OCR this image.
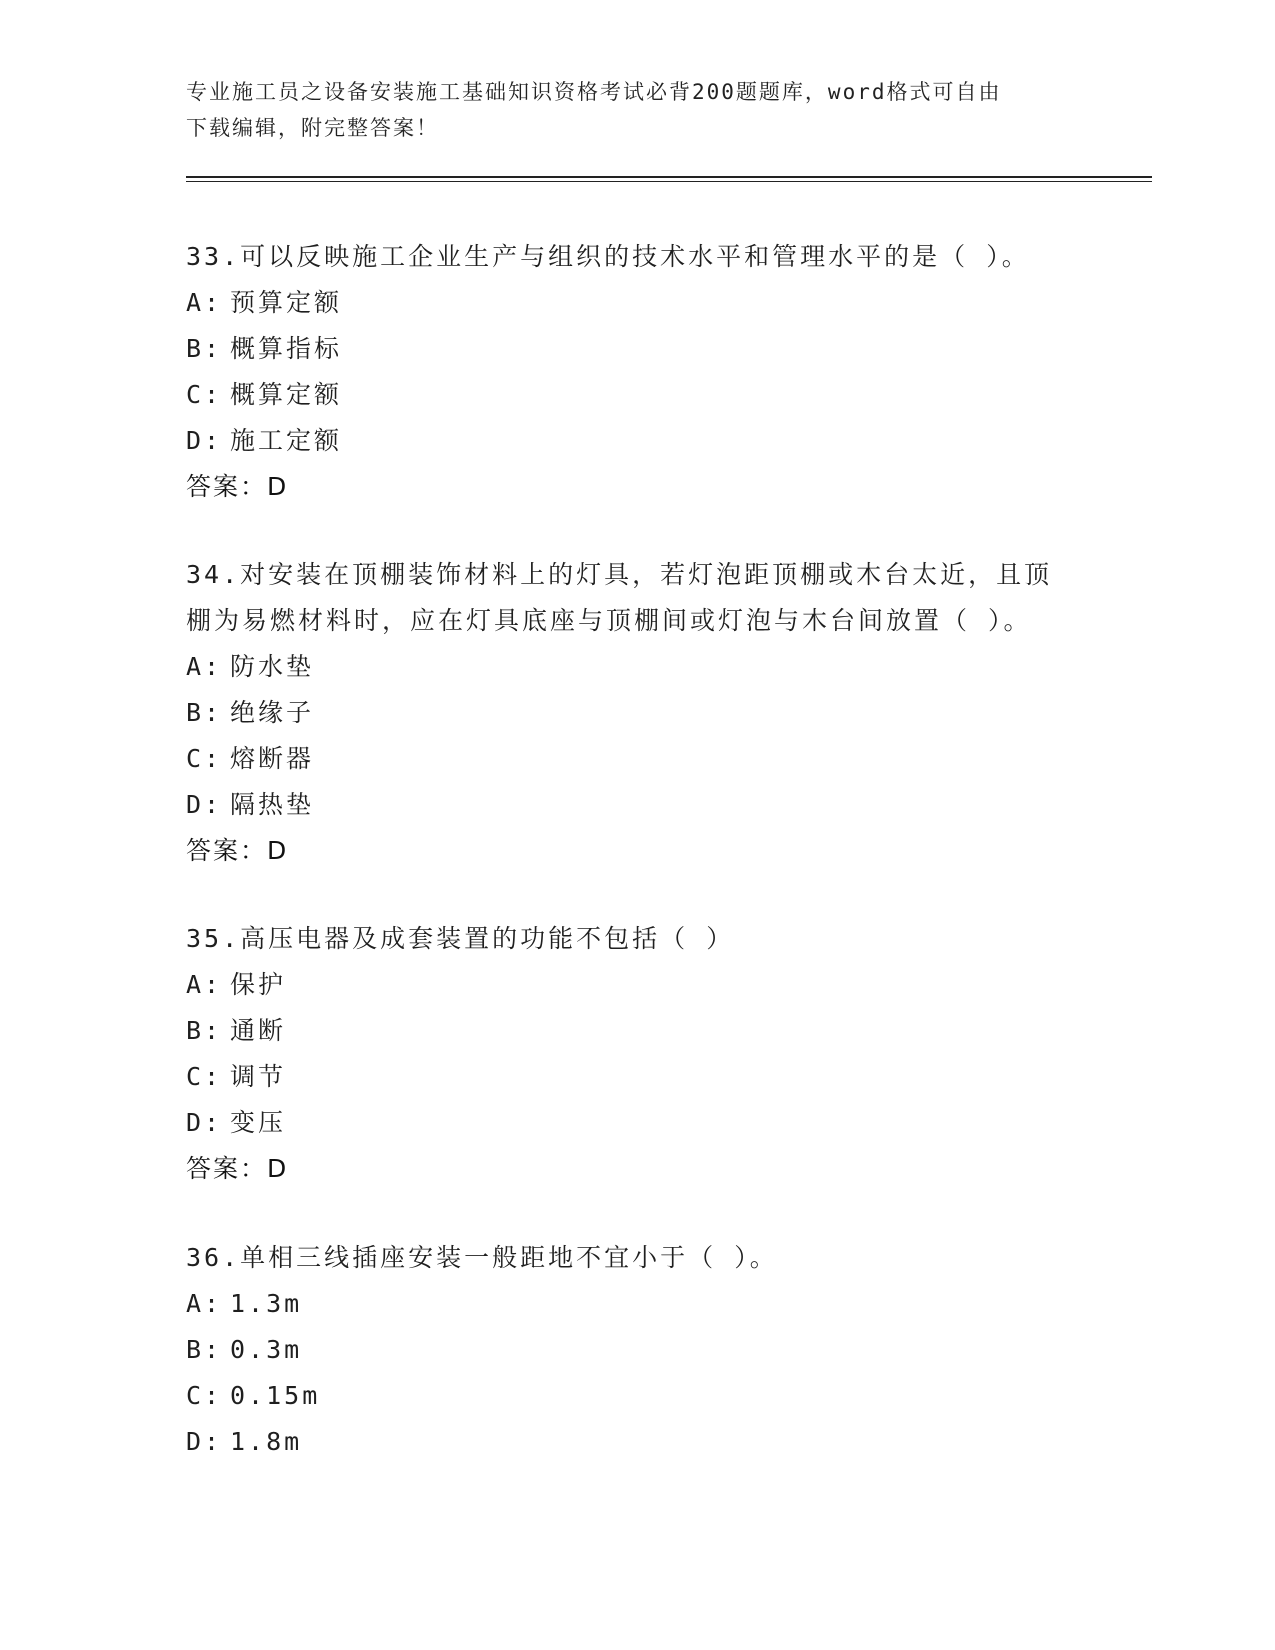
专业施工员之设备安装施工基础知识资格考试必背200题题库，word格式可自由
下载编辑，附完整答案！
33.可以反映施工企业生产与组织的技术水平和管理水平的是（ ）。
A: 预算定额
B: 概算指标
C: 概算定额
D: 施工定额
答案：D
34.对安装在顶棚装饰材料上的灯具，若灯泡距顶棚或木台太近，且顶
棚为易燃材料时，应在灯具底座与顶棚间或灯泡与木台间放置（ ）。
A: 防水垫
B: 绝缘子
C: 熔断器
D: 隔热垫
答案：D
35.高压电器及成套装置的功能不包括（ ）
A: 保护
B: 通断
C: 调节
D: 变压
答案：D
36.单相三线插座安装一般距地不宜小于（ ）。
A: 1.3m
B: 0.3m
C: 0.15m
D: 1.8m
